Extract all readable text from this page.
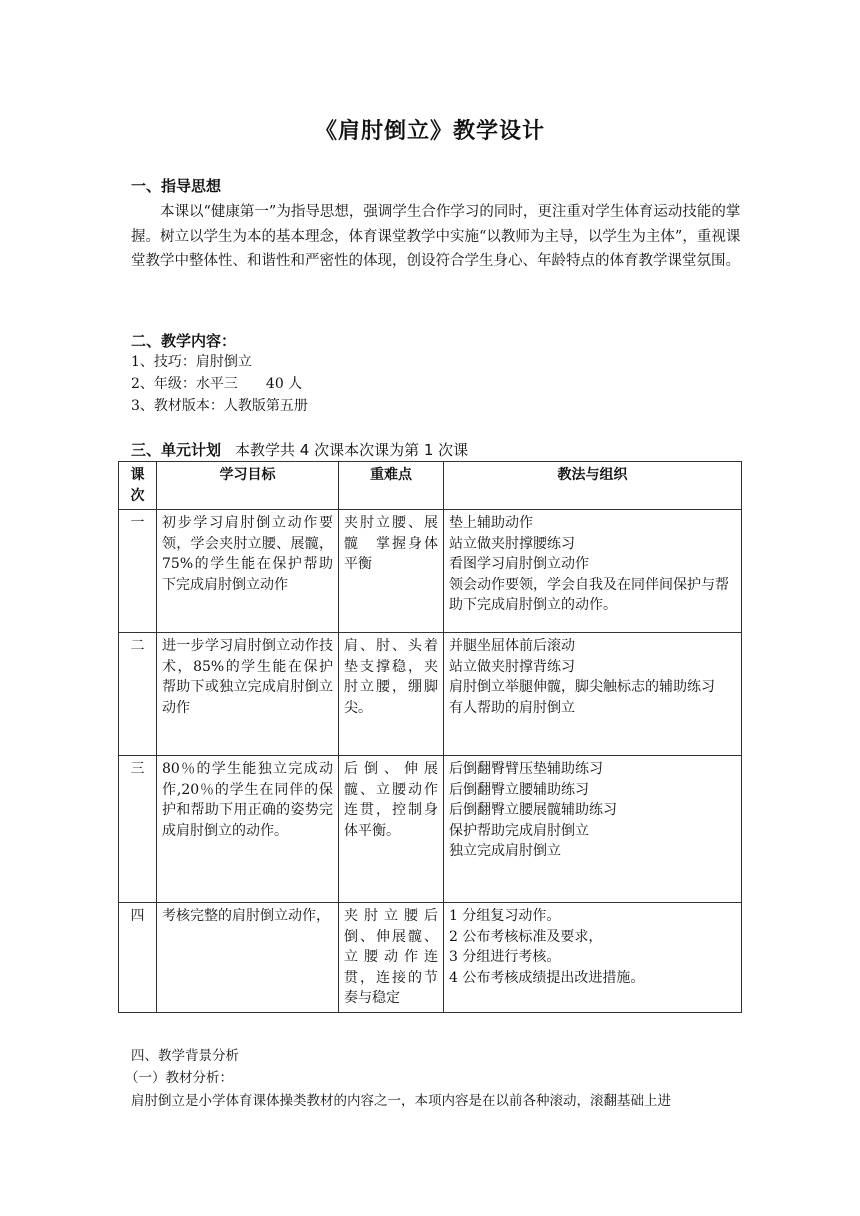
《肩肘倒立》教学设计
一、指导思想
本课以“健康第一”为指导思想，强调学生合作学习的同时，更注重对学生体育运动技能的掌握。树立以学生为本的基本理念，体育课堂教学中实施“以教师为主导，以学生为主体”，重视课堂教学中整体性、和谐性和严密性的体现，创设符合学生身心、年龄特点的体育教学课堂氛围。
二、教学内容：
1、技巧：肩肘倒立
2、年级：水平三　　40 人
3、教材版本：人教版第五册
三、单元计划 本教学共 4 次课本次课为第 1 次课
课次	学习目标	重难点	教法与组织
一	初步学习肩肘倒立动作要领，学会夹肘立腰、展髋，75%的学生能在保护帮助下完成肩肘倒立动作	夹肘立腰、展髋　掌握身体平衡	垫上辅助动作
站立做夹肘撑腰练习
看图学习肩肘倒立动作
领会动作要领，学会自我及在同伴间保护与帮助下完成肩肘倒立的动作。

二	进一步学习肩肘倒立动作技术，85%的学生能在保护帮助下或独立完成肩肘倒立动作	肩、肘、头着垫支撑稳，夹肘立腰，绷脚尖。	并腿坐屈体前后滚动
站立做夹肘撑背练习
肩肘倒立举腿伸髋，脚尖触标志的辅助练习
有人帮助的肩肘倒立

三	80％的学生能独立完成动作,20％的学生在同伴的保护和帮助下用正确的姿势完成肩肘倒立的动作。	后倒、伸展髋、立腰动作连贯，控制身体平衡。	后倒翻臀臂压垫辅助练习
后倒翻臀立腰辅助练习
后倒翻臀立腰展髋辅助练习
保护帮助完成肩肘倒立
独立完成肩肘倒立

四	考核完整的肩肘倒立动作，	夹肘立腰后倒、伸展髋、立腰动作连贯，连接的节奏与稳定	1 分组复习动作。
2 公布考核标准及要求，
3 分组进行考核。
4 公布考核成绩提出改进措施。
四、教学背景分析
（一）教材分析：
肩肘倒立是小学体育课体操类教材的内容之一，本项内容是在以前各种滚动，滚翻基础上进
